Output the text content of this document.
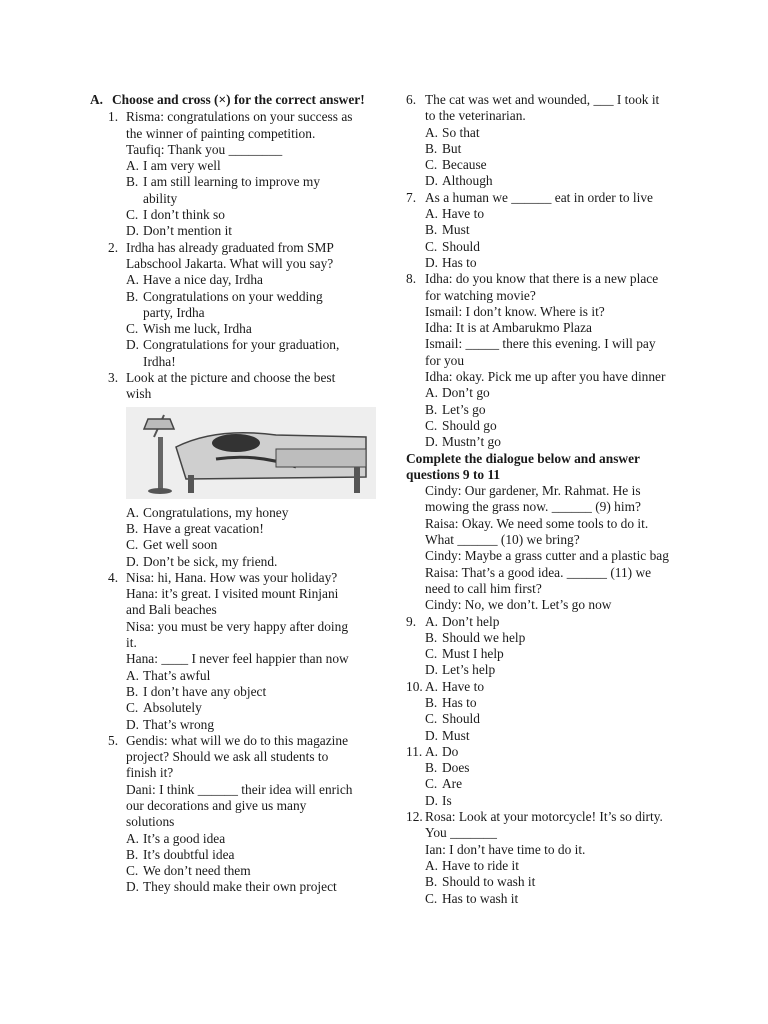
A. Choose and cross (×) for the correct answer!
1. Risma: congratulations on your success as
the winner of painting competition.
Taufiq: Thank you ________
A. I am very well
B. I am still learning to improve my
ability
C. I don’t think so
D. Don’t mention it
2. Irdha has already graduated from SMP
Labschool Jakarta. What will you say?
A. Have a nice day, Irdha
B. Congratulations on your wedding
party, Irdha
C. Wish me luck, Irdha
D. Congratulations for your graduation,
Irdha!
3. Look at the picture and choose the best
wish
A. Congratulations, my honey
B. Have a great vacation!
C. Get well soon
D. Don’t be sick, my friend.
4. Nisa: hi, Hana. How was your holiday?
Hana: it’s great. I visited mount Rinjani
and Bali beaches
Nisa: you must be very happy after doing
it.
Hana: ____ I never feel happier than now
A. That’s awful
B. I don’t have any object
C. Absolutely
D. That’s wrong
5. Gendis: what will we do to this magazine
project? Should we ask all students to
finish it?
Dani: I think ______ their idea will enrich
our decorations and give us many
solutions
A. It’s a good idea
B. It’s doubtful idea
C. We don’t need them
D. They should make their own project
6. The cat was wet and wounded, ___ I took it
to the veterinarian.
A. So that
B. But
C. Because
D. Although
7. As a human we ______ eat in order to live
A. Have to
B. Must
C. Should
D. Has to
8. Idha: do you know that there is a new place
for watching movie?
Ismail: I don’t know. Where is it?
Idha: It is at Ambarukmo Plaza
Ismail: _____ there this evening. I will pay
for you
Idha: okay. Pick me up after you have dinner
A. Don’t go
B. Let’s go
C. Should go
D. Mustn’t go
Complete the dialogue below and answer
questions 9 to 11
Cindy: Our gardener, Mr. Rahmat. He is
mowing the grass now. ______ (9) him?
Raisa: Okay. We need some tools to do it.
What ______ (10) we bring?
Cindy: Maybe a grass cutter and a plastic bag
Raisa: That’s a good idea. ______ (11) we
need to call him first?
Cindy: No, we don’t. Let’s go now
9. A. Don’t help
B. Should we help
C. Must I help
D. Let’s help
10. A. Have to
B. Has to
C. Should
D. Must
11. A. Do
B. Does
C. Are
D. Is
12. Rosa: Look at your motorcycle! It’s so dirty.
You _______
Ian: I don’t have time to do it.
A. Have to ride it
B. Should to wash it
C. Has to wash it
